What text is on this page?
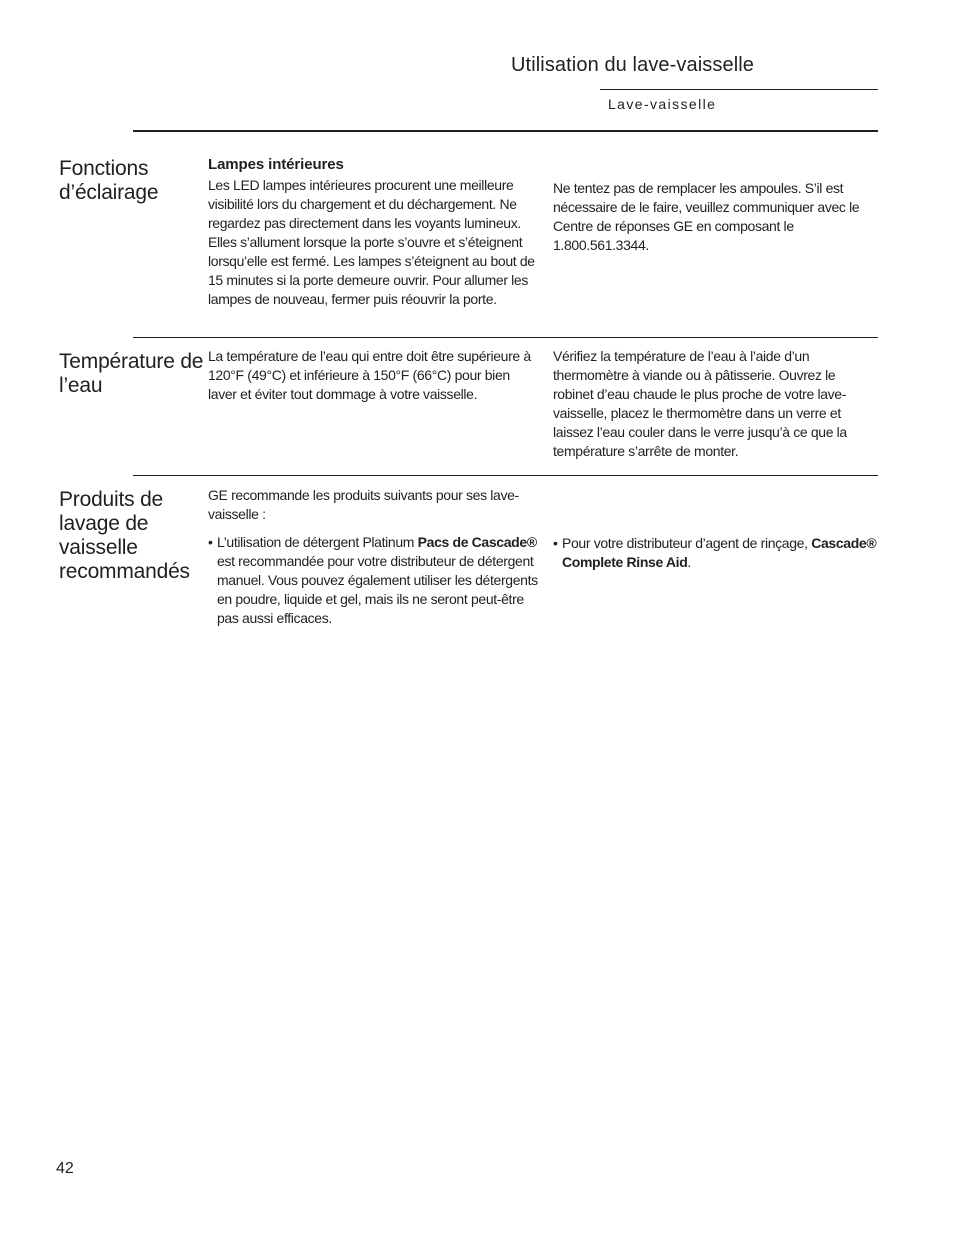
Utilisation du lave-vaisselle
Lave-vaisselle
Fonctions d’éclairage
Lampes intérieures

Les LED lampes intérieures procurent une meilleure visibilité lors du chargement et du déchargement. Ne regardez pas directement dans les voyants lumineux. Elles s’allument lorsque la porte s’ouvre et s’éteignent lorsqu’elle est fermé. Les lampes s’éteignent au bout de 15 minutes si la porte demeure ouvrir. Pour allumer les lampes de nouveau, fermer puis réouvrir la porte.

Ne tentez pas de remplacer les ampoules. S’il est nécessaire de le faire, veuillez communiquer avec le Centre de réponses GE en composant le 1.800.561.3344.

Température de l’eau

La température de l’eau qui entre doit être supérieure à 120°F (49°C) et inférieure à 150°F (66°C) pour bien laver et éviter tout dommage à votre vaisselle.

Vérifiez la température de l’eau à l’aide d’un thermomètre à viande ou à pâtisserie. Ouvrez le robinet d’eau chaude le plus proche de votre lave-vaisselle, placez le thermomètre dans un verre et laissez l’eau couler dans le verre jusqu’à ce que la température s’arrête de monter.

Produits de lavage de vaisselle recommandés

GE recommande les produits suivants pour ses lave-vaisselle :

• L’utilisation de détergent Platinum Pacs de Cascade® est recommandée pour votre distributeur de détergent manuel. Vous pouvez également utiliser les détergents en poudre, liquide et gel, mais ils ne seront peut-être pas aussi efficaces.
• Pour votre distributeur d’agent de rinçage, Cascade® Complete Rinse Aid.
42
